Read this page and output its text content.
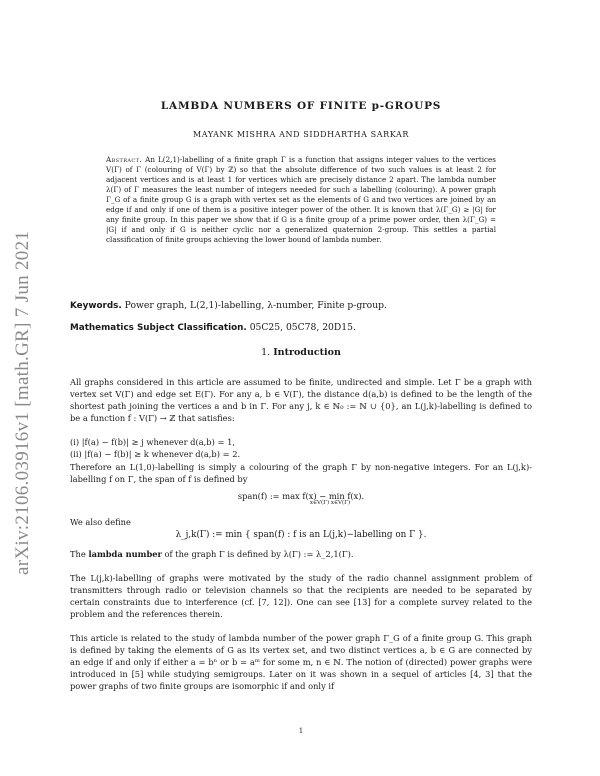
arXiv:2106.03916v1 [math.GR] 7 Jun 2021
LAMBDA NUMBERS OF FINITE p-GROUPS
MAYANK MISHRA AND SIDDHARTHA SARKAR
Abstract. An L(2,1)-labelling of a finite graph Γ is a function that assigns integer values to the vertices V(Γ) of Γ (colouring of V(Γ) by ℤ) so that the absolute difference of two such values is at least 2 for adjacent vertices and is at least 1 for vertices which are precisely distance 2 apart. The lambda number λ(Γ) of Γ measures the least number of integers needed for such a labelling (colouring). A power graph Γ_G of a finite group G is a graph with vertex set as the elements of G and two vertices are joined by an edge if and only if one of them is a positive integer power of the other. It is known that λ(Γ_G) ≥ |G| for any finite group. In this paper we show that if G is a finite group of a prime power order, then λ(Γ_G) = |G| if and only if G is neither cyclic nor a generalized quaternion 2-group. This settles a partial classification of finite groups achieving the lower bound of lambda number.
Keywords. Power graph, L(2,1)-labelling, λ-number, Finite p-group.
Mathematics Subject Classification. 05C25, 05C78, 20D15.
1. Introduction
All graphs considered in this article are assumed to be finite, undirected and simple. Let Γ be a graph with vertex set V(Γ) and edge set E(Γ). For any a, b ∈ V(Γ), the distance d(a,b) is defined to be the length of the shortest path joining the vertices a and b in Γ. For any j, k ∈ ℕ₀ := ℕ ∪ {0}, an L(j,k)-labelling is defined to be a function f : V(Γ) → ℤ that satisfies:
(i) |f(a) − f(b)| ≥ j whenever d(a,b) = 1,
(ii) |f(a) − f(b)| ≥ k whenever d(a,b) = 2.
Therefore an L(1,0)-labelling is simply a colouring of the graph Γ by non-negative integers. For an L(j,k)-labelling f on Γ, the span of f is defined by
span(f) := max f(x) − min f(x).
x∈V(Γ) x∈V(Γ)
We also define
λ_j,k(Γ) := min { span(f) : f is an L(j,k)−labelling on Γ }.
The lambda number of the graph Γ is defined by λ(Γ) := λ_2,1(Γ).
The L(j,k)-labelling of graphs were motivated by the study of the radio channel assignment problem of transmitters through radio or television channels so that the recipients are needed to be separated by certain constraints due to interference (cf. [7, 12]). One can see [13] for a complete survey related to the problem and the references therein.
This article is related to the study of lambda number of the power graph Γ_G of a finite group G. This graph is defined by taking the elements of G as its vertex set, and two distinct vertices a, b ∈ G are connected by an edge if and only if either a = bⁿ or b = aᵐ for some m, n ∈ ℕ. The notion of (directed) power graphs were introduced in [5] while studying semigroups. Later on it was shown in a sequel of articles [4, 3] that the power graphs of two finite groups are isomorphic if and only if
1
